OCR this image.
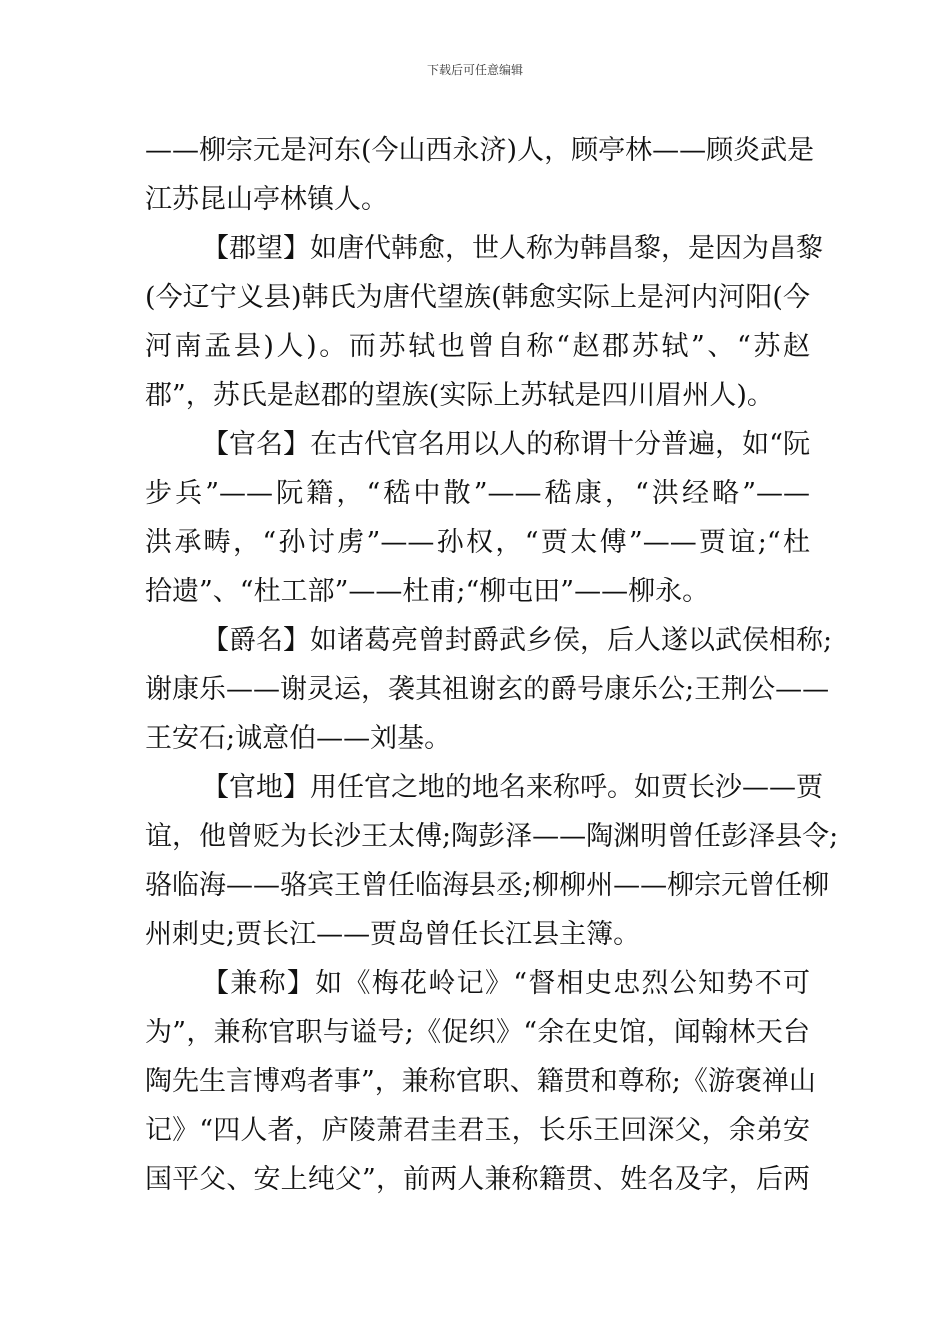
下载后可任意编辑

——柳宗元是河东(今山西永济)人，顾亭林——顾炎武是
江苏昆山亭林镇人。

【郡望】如唐代韩愈，世人称为韩昌黎，是因为昌黎
(今辽宁义县)韩氏为唐代望族(韩愈实际上是河内河阳(今
河南孟县)人)。而苏轼也曾自称“赵郡苏轼”、“苏赵
郡”，苏氏是赵郡的望族(实际上苏轼是四川眉州人)。

【官名】在古代官名用以人的称谓十分普遍，如“阮
步兵”——阮籍，“嵇中散”——嵇康，“洪经略”——
洪承畴，“孙讨虏”——孙权，“贾太傅”——贾谊;“杜
拾遗”、“杜工部”——杜甫;“柳屯田”——柳永。

【爵名】如诸葛亮曾封爵武乡侯，后人遂以武侯相称;
谢康乐——谢灵运，袭其祖谢玄的爵号康乐公;王荆公——
王安石;诚意伯——刘基。

【官地】用任官之地的地名来称呼。如贾长沙——贾
谊，他曾贬为长沙王太傅;陶彭泽——陶渊明曾任彭泽县令;
骆临海——骆宾王曾任临海县丞;柳柳州——柳宗元曾任柳
州刺史;贾长江——贾岛曾任长江县主簿。

【兼称】如《梅花岭记》“督相史忠烈公知势不可
为”，兼称官职与谥号;《促织》“余在史馆，闻翰林天台
陶先生言博鸡者事”，兼称官职、籍贯和尊称;《游褒禅山
记》“四人者，庐陵萧君圭君玉，长乐王回深父，余弟安
国平父、安上纯父”，前两人兼称籍贯、姓名及字，后两
